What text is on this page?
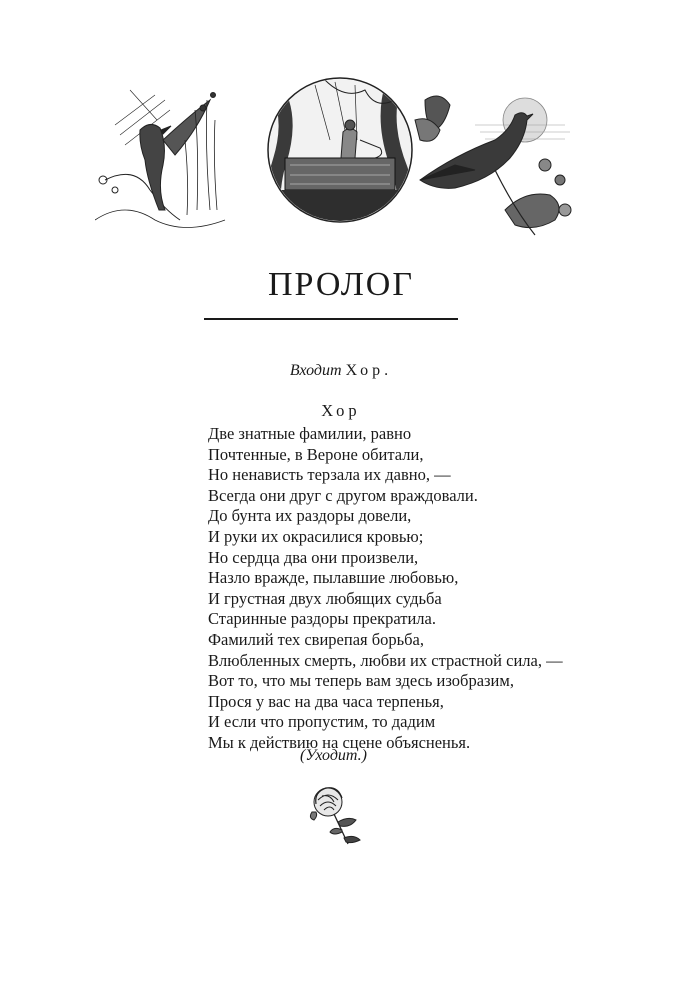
ПРОЛОГ
Входит Хор.
Хор
Две знатные фамилии, равно
Почтенные, в Вероне обитали,
Но ненависть терзала их давно, —
Всегда они друг с другом враждовали.
До бунта их раздоры довели,
И руки их окрасилися кровью;
Но сердца два они произвели,
Назло вражде, пылавшие любовью,
И грустная двух любящих судьба
Старинные раздоры прекратила.
Фамилий тех свирепая борьба,
Влюбленных смерть, любви их страстной сила, —
Вот то, что мы теперь вам здесь изобразим,
Прося у вас на два часа терпенья,
И если что пропустим, то дадим
Мы к действию на сцене объясненья.
(Уходит.)
